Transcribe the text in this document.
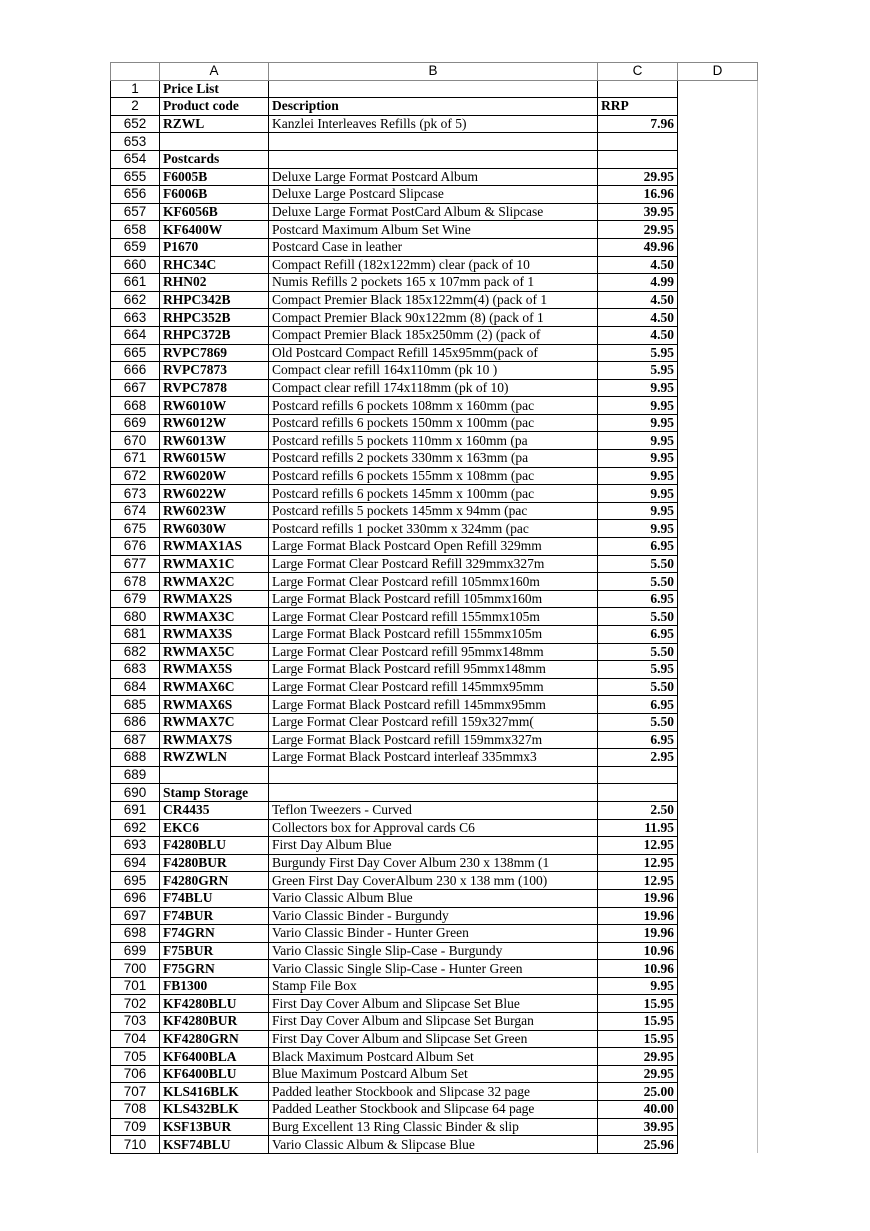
	A	B	C	D
1	Price List			
2	Product code	Description	RRP	
652	RZWL	Kanzlei Interleaves Refills (pk of 5)	7.96	
653				
654	Postcards			
655	F6005B	Deluxe Large Format Postcard Album	29.95	
656	F6006B	Deluxe Large Postcard Slipcase	16.96	
657	KF6056B	Deluxe Large Format PostCard Album & Slipcase	39.95	
658	KF6400W	Postcard Maximum Album Set Wine	29.95	
659	P1670	Postcard Case in leather	49.96	
660	RHC34C	Compact Refill (182x122mm) clear (pack of 10	4.50	
661	RHN02	Numis Refills 2 pockets 165 x 107mm pack of 1	4.99	
662	RHPC342B	Compact Premier Black 185x122mm(4) (pack of 1	4.50	
663	RHPC352B	Compact Premier Black 90x122mm (8) (pack of 1	4.50	
664	RHPC372B	Compact Premier Black 185x250mm (2) (pack of	4.50	
665	RVPC7869	Old Postcard Compact Refill 145x95mm(pack of	5.95	
666	RVPC7873	Compact clear refill 164x110mm (pk 10 )	5.95	
667	RVPC7878	Compact clear refill 174x118mm (pk of 10)	9.95	
668	RW6010W	Postcard refills 6 pockets 108mm x 160mm (pac	9.95	
669	RW6012W	Postcard refills 6 pockets 150mm x 100mm (pac	9.95	
670	RW6013W	Postcard refills 5 pockets 110mm x 160mm (pa	9.95	
671	RW6015W	Postcard refills 2 pockets 330mm x 163mm (pa	9.95	
672	RW6020W	Postcard refills 6 pockets 155mm x 108mm (pac	9.95	
673	RW6022W	Postcard refills 6 pockets 145mm x 100mm (pac	9.95	
674	RW6023W	Postcard refills 5 pockets 145mm x 94mm (pac	9.95	
675	RW6030W	Postcard refills 1 pocket 330mm x 324mm (pac	9.95	
676	RWMAX1AS	Large Format Black Postcard Open Refill 329mm	6.95	
677	RWMAX1C	Large Format Clear Postcard Refill 329mmx327m	5.50	
678	RWMAX2C	Large Format Clear Postcard refill 105mmx160m	5.50	
679	RWMAX2S	Large Format Black Postcard refill 105mmx160m	6.95	
680	RWMAX3C	Large Format Clear Postcard refill 155mmx105m	5.50	
681	RWMAX3S	Large Format Black Postcard refill 155mmx105m	6.95	
682	RWMAX5C	Large Format Clear Postcard refill 95mmx148mm	5.50	
683	RWMAX5S	Large Format Black Postcard refill 95mmx148mm	5.95	
684	RWMAX6C	Large Format Clear Postcard refill 145mmx95mm	5.50	
685	RWMAX6S	Large Format Black Postcard refill 145mmx95mm	6.95	
686	RWMAX7C	Large Format Clear Postcard refill 159x327mm(	5.50	
687	RWMAX7S	Large Format Black Postcard refill 159mmx327m	6.95	
688	RWZWLN	Large Format Black Postcard interleaf 335mmx3	2.95	
689				
690	Stamp Storage			
691	CR4435	Teflon Tweezers - Curved	2.50	
692	EKC6	Collectors box for Approval cards C6	11.95	
693	F4280BLU	First Day Album Blue	12.95	
694	F4280BUR	Burgundy First Day Cover Album 230 x 138mm (1	12.95	
695	F4280GRN	Green First Day CoverAlbum 230 x 138 mm (100)	12.95	
696	F74BLU	Vario Classic Album Blue	19.96	
697	F74BUR	Vario Classic Binder - Burgundy	19.96	
698	F74GRN	Vario Classic Binder - Hunter Green	19.96	
699	F75BUR	Vario Classic Single Slip-Case - Burgundy	10.96	
700	F75GRN	Vario Classic Single Slip-Case - Hunter Green	10.96	
701	FB1300	Stamp File Box	9.95	
702	KF4280BLU	First Day Cover Album and Slipcase Set Blue	15.95	
703	KF4280BUR	First Day Cover Album and Slipcase Set Burgan	15.95	
704	KF4280GRN	First Day Cover Album and Slipcase Set Green	15.95	
705	KF6400BLA	Black Maximum Postcard Album Set	29.95	
706	KF6400BLU	Blue Maximum Postcard Album Set	29.95	
707	KLS416BLK	Padded leather Stockbook and Slipcase 32 page	25.00	
708	KLS432BLK	Padded Leather Stockbook and Slipcase 64 page	40.00	
709	KSF13BUR	Burg Excellent 13 Ring Classic Binder & slip	39.95	
710	KSF74BLU	Vario Classic Album & Slipcase Blue	25.96	
